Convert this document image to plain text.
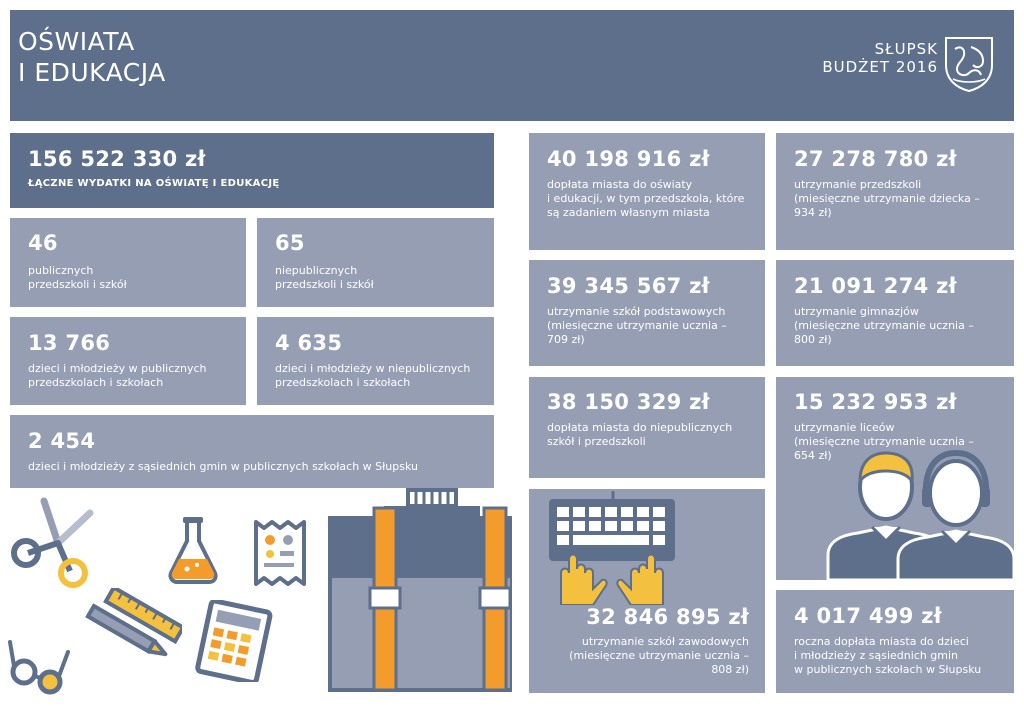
OŚWIATA
I EDUKACJA
SŁUPSK
BUDŻET 2016
156 522 330 zł
ŁĄCZNE WYDATKI NA OŚWIATĘ I EDUKACJĘ
46
publicznych
przedszkoli i szkół
65
niepublicznych
przedszkoli i szkół
13 766
dzieci i młodzieży w publicznych
przedszkolach i szkołach
4 635
dzieci i młodzieży w niepublicznych
przedszkolach i szkołach
2 454
dzieci i młodzieży z sąsiednich gmin w publicznych szkołach w Słupsku
40 198 916 zł
dopłata miasta do oświaty
i edukacji, w tym przedszkola, które
są zadaniem własnym miasta
27 278 780 zł
utrzymanie przedszkoli
(miesięczne utrzymanie dziecka –
934 zł)
39 345 567 zł
utrzymanie szkół podstawowych
(miesięczne utrzymanie ucznia –
709 zł)
21 091 274 zł
utrzymanie gimnazjów
(miesięczne utrzymanie ucznia –
800 zł)
38 150 329 zł
dopłata miasta do niepublicznych
szkół i przedszkoli
15 232 953 zł
utrzymanie liceów
(miesięczne utrzymanie ucznia –
654 zł)
32 846 895 zł
utrzymanie szkół zawodowych
(miesięczne utrzymanie ucznia –
808 zł)
4 017 499 zł
roczna dopłata miasta do dzieci
i młodzieży z sąsiednich gmin
w publicznych szkołach w Słupsku
